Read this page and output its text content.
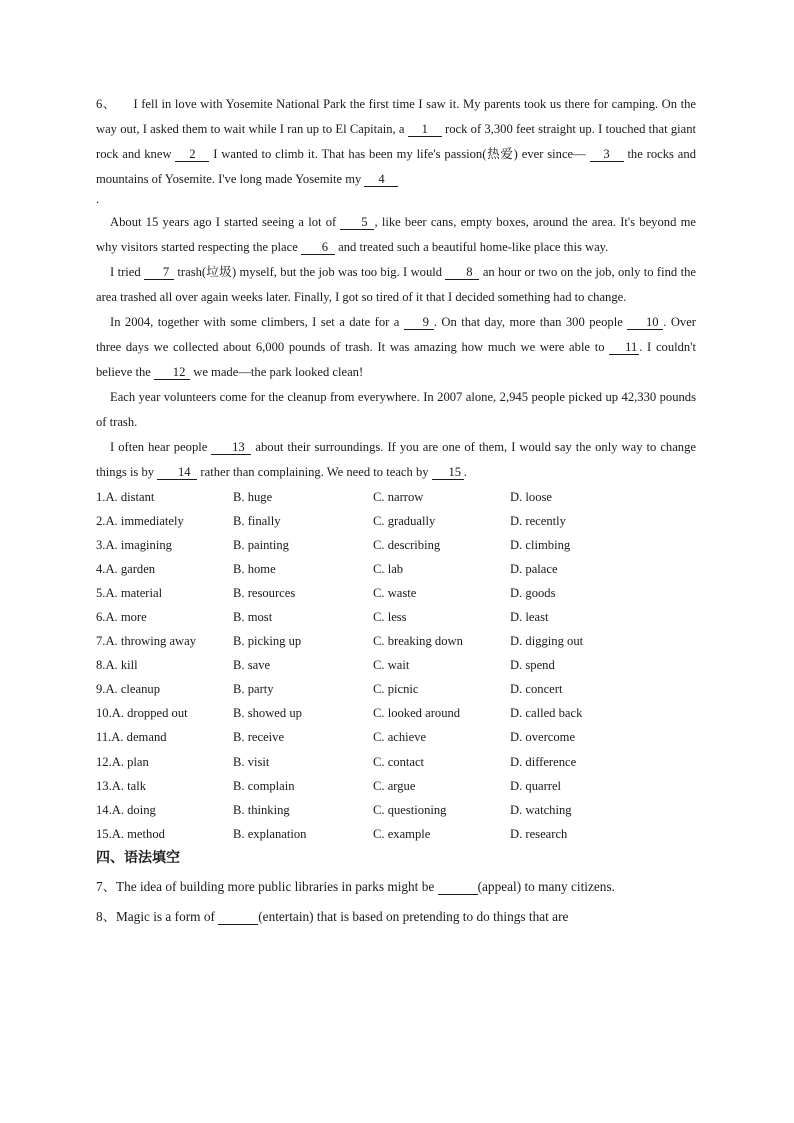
6、 I fell in love with Yosemite National Park the first time I saw it. My parents took us there for camping. On the way out, I asked them to wait while I ran up to El Capitain, a 1 rock of 3,300 feet straight up. I touched that giant rock and knew 2 I wanted to climb it. That has been my life's passion(热爱) ever since— 3 the rocks and mountains of Yosemite. I've long made Yosemite my 4

.

About 15 years ago I started seeing a lot of 5 , like beer cans, empty boxes, around the area. It's beyond me why visitors started respecting the place 6 and treated such a beautiful home-like place this way.

I tried 7 trash(垃圾) myself, but the job was too big. I would 8 an hour or two on the job, only to find the area trashed all over again weeks later. Finally, I got so tired of it that I decided something had to change.

In 2004, together with some climbers, I set a date for a 9 . On that day, more than 300 people 10 . Over three days we collected about 6,000 pounds of trash. It was amazing how much we were able to 11 . I couldn't believe the 12 we made—the park looked clean!

Each year volunteers come for the cleanup from everywhere. In 2007 alone, 2,945 people picked up 42,330 pounds of trash.

I often hear people 13 about their surroundings. If you are one of them, I would say the only way to change things is by 14 rather than complaining. We need to teach by 15 .

1.A. distant	B. huge	C. narrow	D. loose
2.A. immediately	B. finally	C. gradually	D. recently
3.A. imagining	B. painting	C. describing	D. climbing
4.A. garden	B. home	C. lab	D. palace
5.A. material	B. resources	C. waste	D. goods
6.A. more	B. most	C. less	D. least
7.A. throwing away	B. picking up	C. breaking down	D. digging out
8.A. kill	B. save	C. wait	D. spend
9.A. cleanup	B. party	C. picnic	D. concert
10.A. dropped out	B. showed up	C. looked around	D. called back
11.A. demand	B. receive	C. achieve	D. overcome
12.A. plan	B. visit	C. contact	D. difference
13.A. talk	B. complain	C. argue	D. quarrel
14.A. doing	B. thinking	C. questioning	D. watching
15.A. method	B. explanation	C. example	D. research
四、语法填空

7、The idea of building more public libraries in parks might be	(appeal) to many citizens.

8、Magic is a form of	(entertain) that is based on pretending to do things that are
